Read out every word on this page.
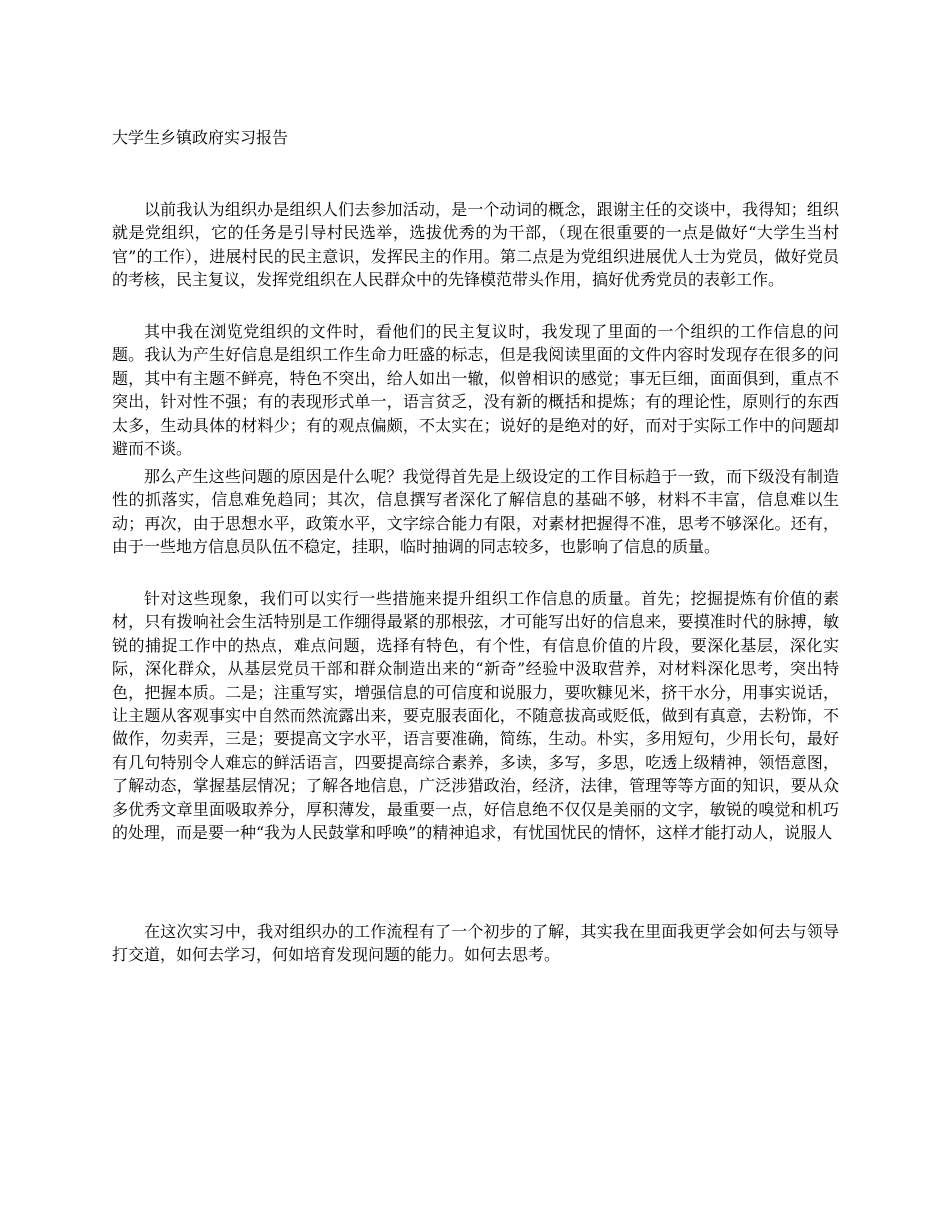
大学生乡镇政府实习报告

以前我认为组织办是组织人们去参加活动，是一个动词的概念，跟谢主任的交谈中，我得知；组织就是党组织，它的任务是引导村民选举，选拔优秀的为干部，（现在很重要的一点是做好“大学生当村官”的工作），进展村民的民主意识，发挥民主的作用。第二点是为党组织进展优人士为党员，做好党员的考核，民主复议，发挥党组织在人民群众中的先锋模范带头作用，搞好优秀党员的表彰工作。

其中我在浏览党组织的文件时，看他们的民主复议时，我发现了里面的一个组织的工作信息的问题。我认为产生好信息是组织工作生命力旺盛的标志，但是我阅读里面的文件内容时发现存在很多的问题，其中有主题不鲜亮，特色不突出，给人如出一辙，似曾相识的感觉；事无巨细，面面俱到，重点不突出，针对性不强；有的表现形式单一，语言贫乏，没有新的概括和提炼；有的理论性，原则行的东西太多，生动具体的材料少；有的观点偏颇，不太实在；说好的是绝对的好，而对于实际工作中的问题却避而不谈。

那么产生这些问题的原因是什么呢？我觉得首先是上级设定的工作目标趋于一致，而下级没有制造性的抓落实，信息难免趋同；其次，信息撰写者深化了解信息的基础不够，材料不丰富，信息难以生动；再次，由于思想水平，政策水平，文字综合能力有限，对素材把握得不准，思考不够深化。还有，由于一些地方信息员队伍不稳定，挂职，临时抽调的同志较多，也影响了信息的质量。

针对这些现象，我们可以实行一些措施来提升组织工作信息的质量。首先；挖掘提炼有价值的素材，只有拨响社会生活特别是工作绷得最紧的那根弦，才可能写出好的信息来，要摸准时代的脉搏，敏锐的捕捉工作中的热点，难点问题，选择有特色，有个性，有信息价值的片段，要深化基层，深化实际，深化群众，从基层党员干部和群众制造出来的“新奇”经验中汲取营养，对材料深化思考，突出特色，把握本质。二是；注重写实，增强信息的可信度和说服力，要吹糠见米，挤干水分，用事实说话，让主题从客观事实中自然而然流露出来，要克服表面化，不随意拔高或贬低，做到有真意，去粉饰，不做作，勿卖弄，三是；要提高文字水平，语言要准确，简练，生动。朴实，多用短句，少用长句，最好有几句特别令人难忘的鲜活语言，四要提高综合素养，多读，多写，多思，吃透上级精神，领悟意图，了解动态，掌握基层情况；了解各地信息，广泛涉猎政治，经济，法律，管理等等方面的知识，要从众多优秀文章里面吸取养分，厚积薄发，最重要一点，好信息绝不仅仅是美丽的文字，敏锐的嗅觉和机巧的处理，而是要一种“我为人民鼓掌和呼唤”的精神追求，有忧国忧民的情怀，这样才能打动人，说服人

在这次实习中，我对组织办的工作流程有了一个初步的了解，其实我在里面我更学会如何去与领导打交道，如何去学习，何如培育发现问题的能力。如何去思考。
